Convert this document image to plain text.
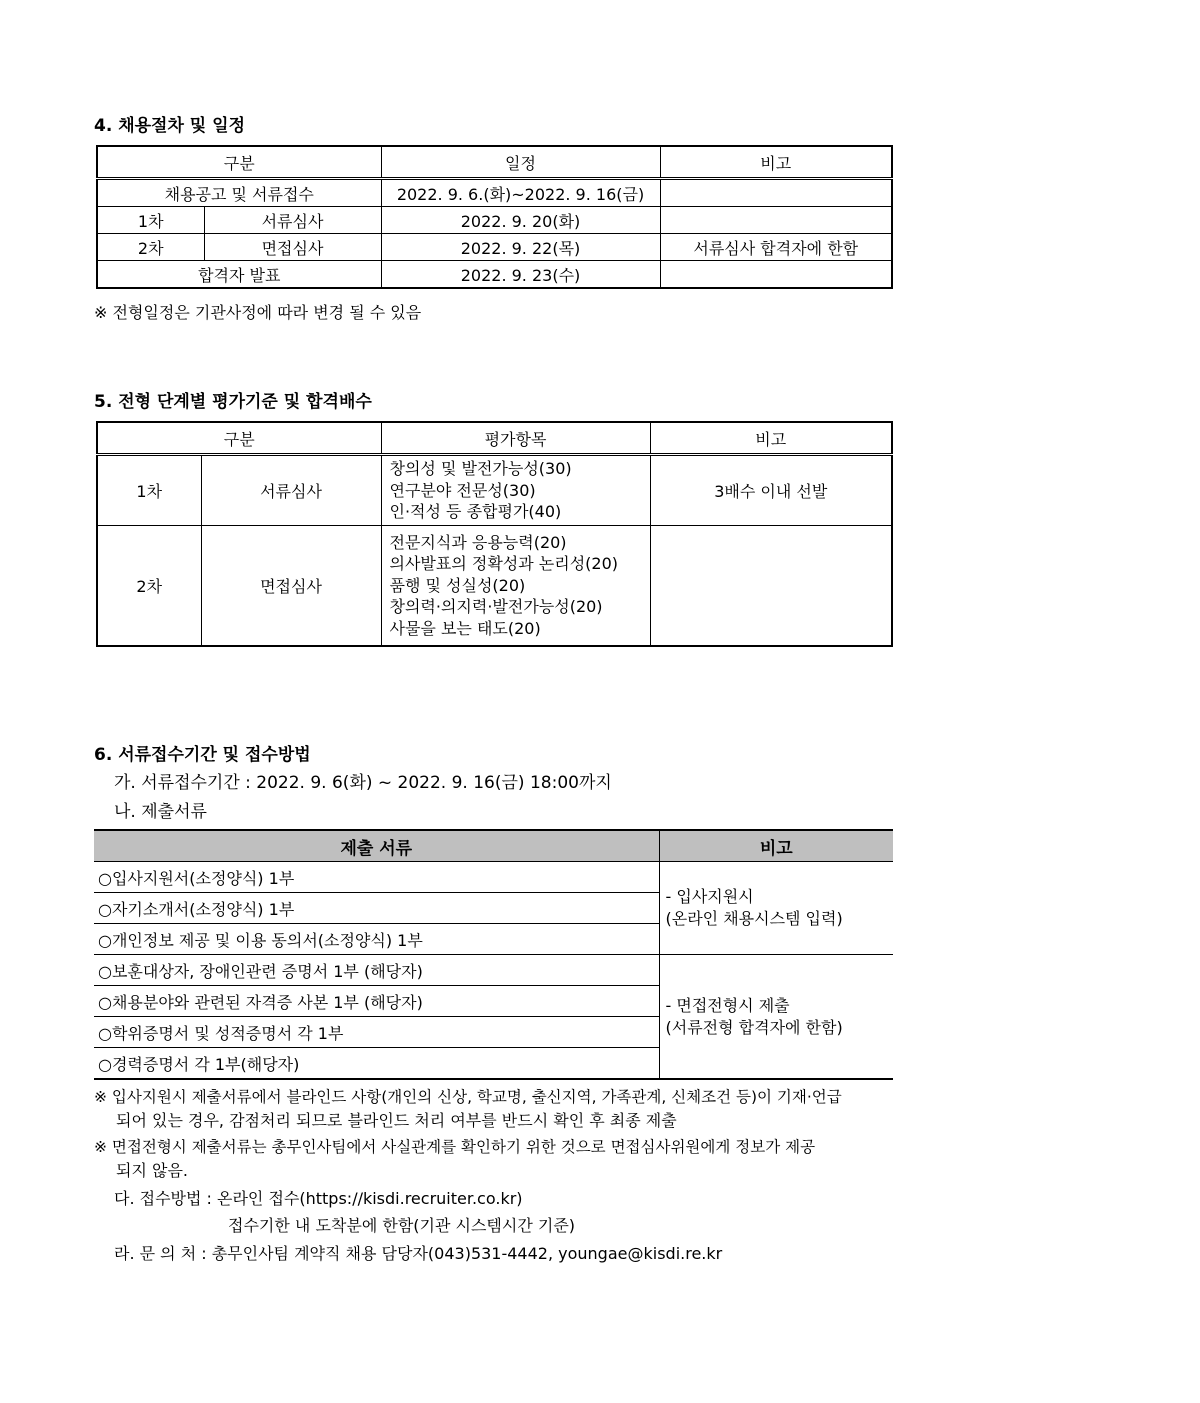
4. 채용절차 및 일정
구분		일정	비고
채용공고 및 서류접수		2022. 9. 6.(화)~2022. 9. 16(금)	
1차	서류심사	2022. 9. 20(화)	
2차	면접심사	2022. 9. 22(목)	서류심사 합격자에 한함
합격자 발표		2022. 9. 23(수)	
※ 전형일정은 기관사정에 따라 변경 될 수 있음
5. 전형 단계별 평가기준 및 합격배수
구분		평가항목	비고
1차	서류심사	창의성 및 발전가능성(30)
연구분야 전문성(30)
인·적성 등 종합평가(40)	3배수 이내 선발
2차	면접심사	전문지식과 응용능력(20)
의사발표의 정확성과 논리성(20)
품행 및 성실성(20)
창의력·의지력·발전가능성(20)
사물을 보는 태도(20)	

6. 서류접수기간 및 접수방법
가. 서류접수기간 : 2022. 9. 6(화) ~ 2022. 9. 16(금) 18:00까지
나. 제출서류
제출 서류	비고
○입사지원서(소정양식) 1부	- 입사지원시
(온라인 채용시스템 입력)

○자기소개서(소정양식) 1부	
○개인정보 제공 및 이용 동의서(소정양식) 1부	
○보훈대상자, 장애인관련 증명서 1부 (해당자)	- 면접전형시 제출
(서류전형 합격자에 한함)

○채용분야와 관련된 자격증 사본 1부 (해당자)	
○학위증명서 및 성적증명서 각 1부	
○경력증명서 각 1부(해당자)	
※ 입사지원시 제출서류에서 블라인드 사항(개인의 신상, 학교명, 출신지역, 가족관계, 신체조건 등)이 기재·언급
되어 있는 경우, 감점처리 되므로 블라인드 처리 여부를 반드시 확인 후 최종 제출
※ 면접전형시 제출서류는 총무인사팀에서 사실관계를 확인하기 위한 것으로 면접심사위원에게 정보가 제공
되지 않음.
다. 접수방법 : 온라인 접수(https://kisdi.recruiter.co.kr)
접수기한 내 도착분에 한함(기관 시스템시간 기준)
라. 문 의 처 : 총무인사팀 계약직 채용 담당자(043)531-4442, youngae@kisdi.re.kr
